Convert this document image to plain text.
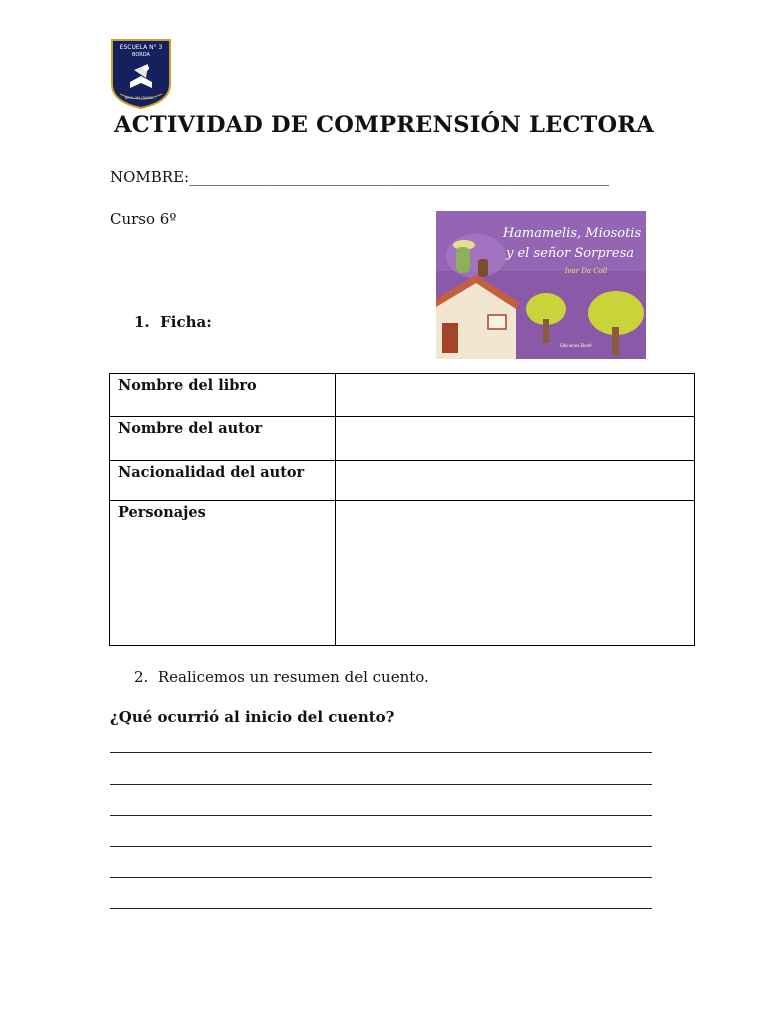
ESCUELA N° 3
BORDA
BRIG. MILITARES ...
ACTIVIDAD DE COMPRENSIÓN LECTORA
NOMBRE:________________________________________________________
Curso 6º
Hamamelis, Miosotis
y el señor Sorpresa
Ivar Da Coll
Ediciones Ekaré
1. Ficha:
Nombre del libro	
Nombre del autor	
Nacionalidad del autor	
Personajes	
2. Realicemos un resumen del cuento.
¿Qué ocurrió al inicio del cuento?
